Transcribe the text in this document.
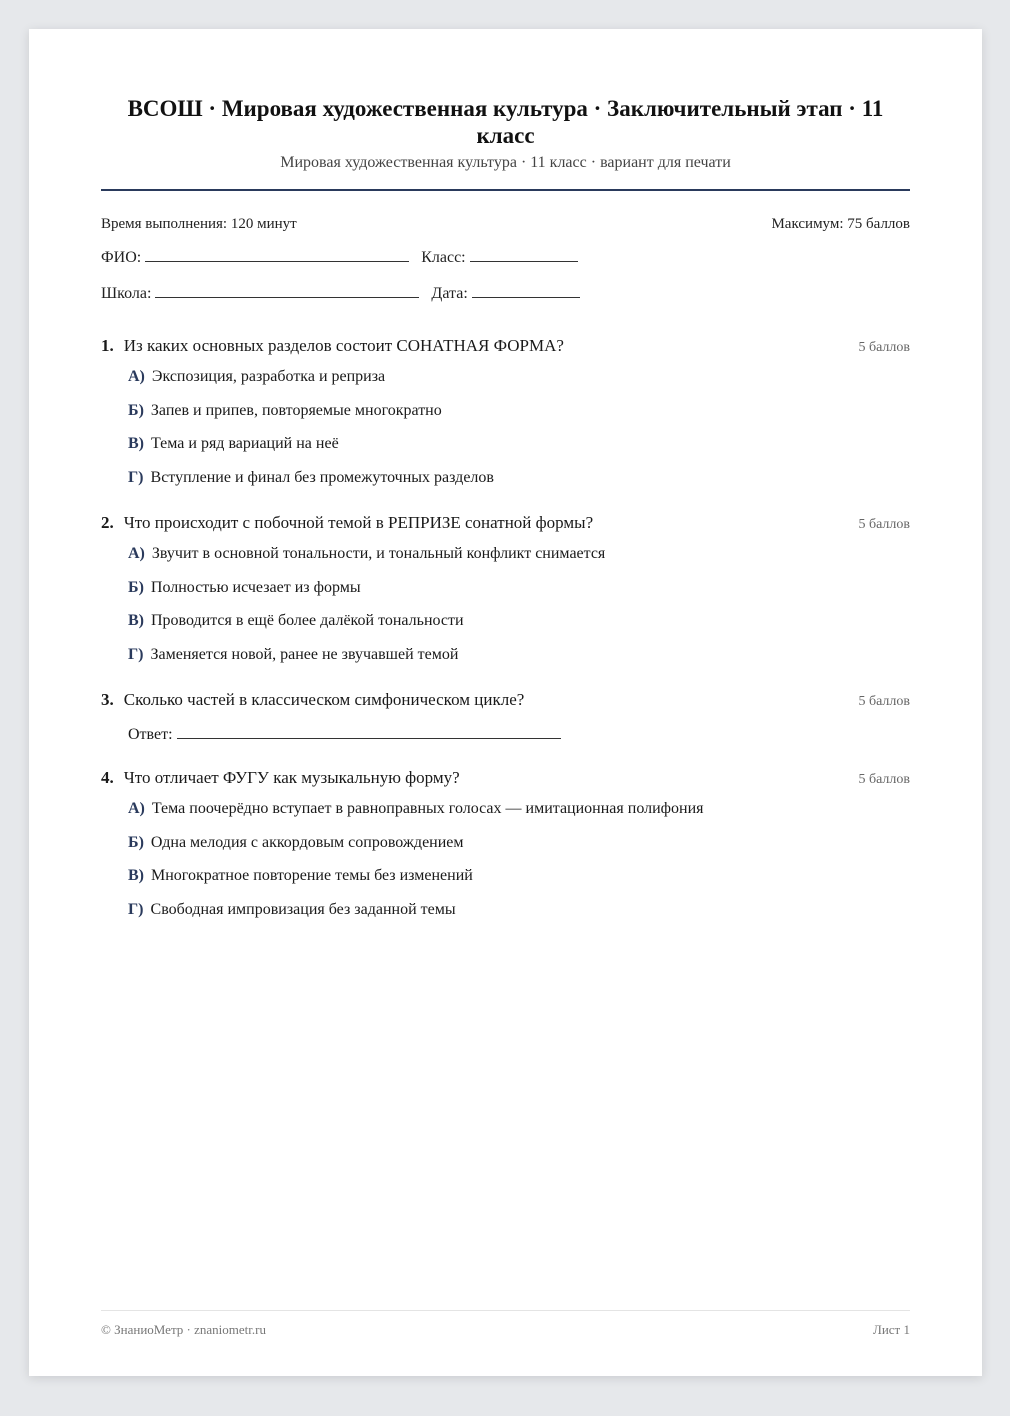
ВСОШ · Мировая художественная культура · Заключительный этап · 11 класс
Мировая художественная культура · 11 класс · вариант для печати
Время выполнения: 120 минут	Максимум: 75 баллов
ФИО:	Класс:
Школа:	Дата:
1. Из каких основных разделов состоит СОНАТНАЯ ФОРМА?	5 баллов
А) Экспозиция, разработка и реприза
Б) Запев и припев, повторяемые многократно
В) Тема и ряд вариаций на неё
Г) Вступление и финал без промежуточных разделов
2. Что происходит с побочной темой в РЕПРИЗЕ сонатной формы?	5 баллов
А) Звучит в основной тональности, и тональный конфликт снимается
Б) Полностью исчезает из формы
В) Проводится в ещё более далёкой тональности
Г) Заменяется новой, ранее не звучавшей темой
3. Сколько частей в классическом симфоническом цикле?	5 баллов
Ответ:
4. Что отличает ФУГУ как музыкальную форму?	5 баллов
А) Тема поочерёдно вступает в равноправных голосах — имитационная полифония
Б) Одна мелодия с аккордовым сопровождением
В) Многократное повторение темы без изменений
Г) Свободная импровизация без заданной темы
© ЗнаниоМетр · znaniometr.ru	Лист 1
